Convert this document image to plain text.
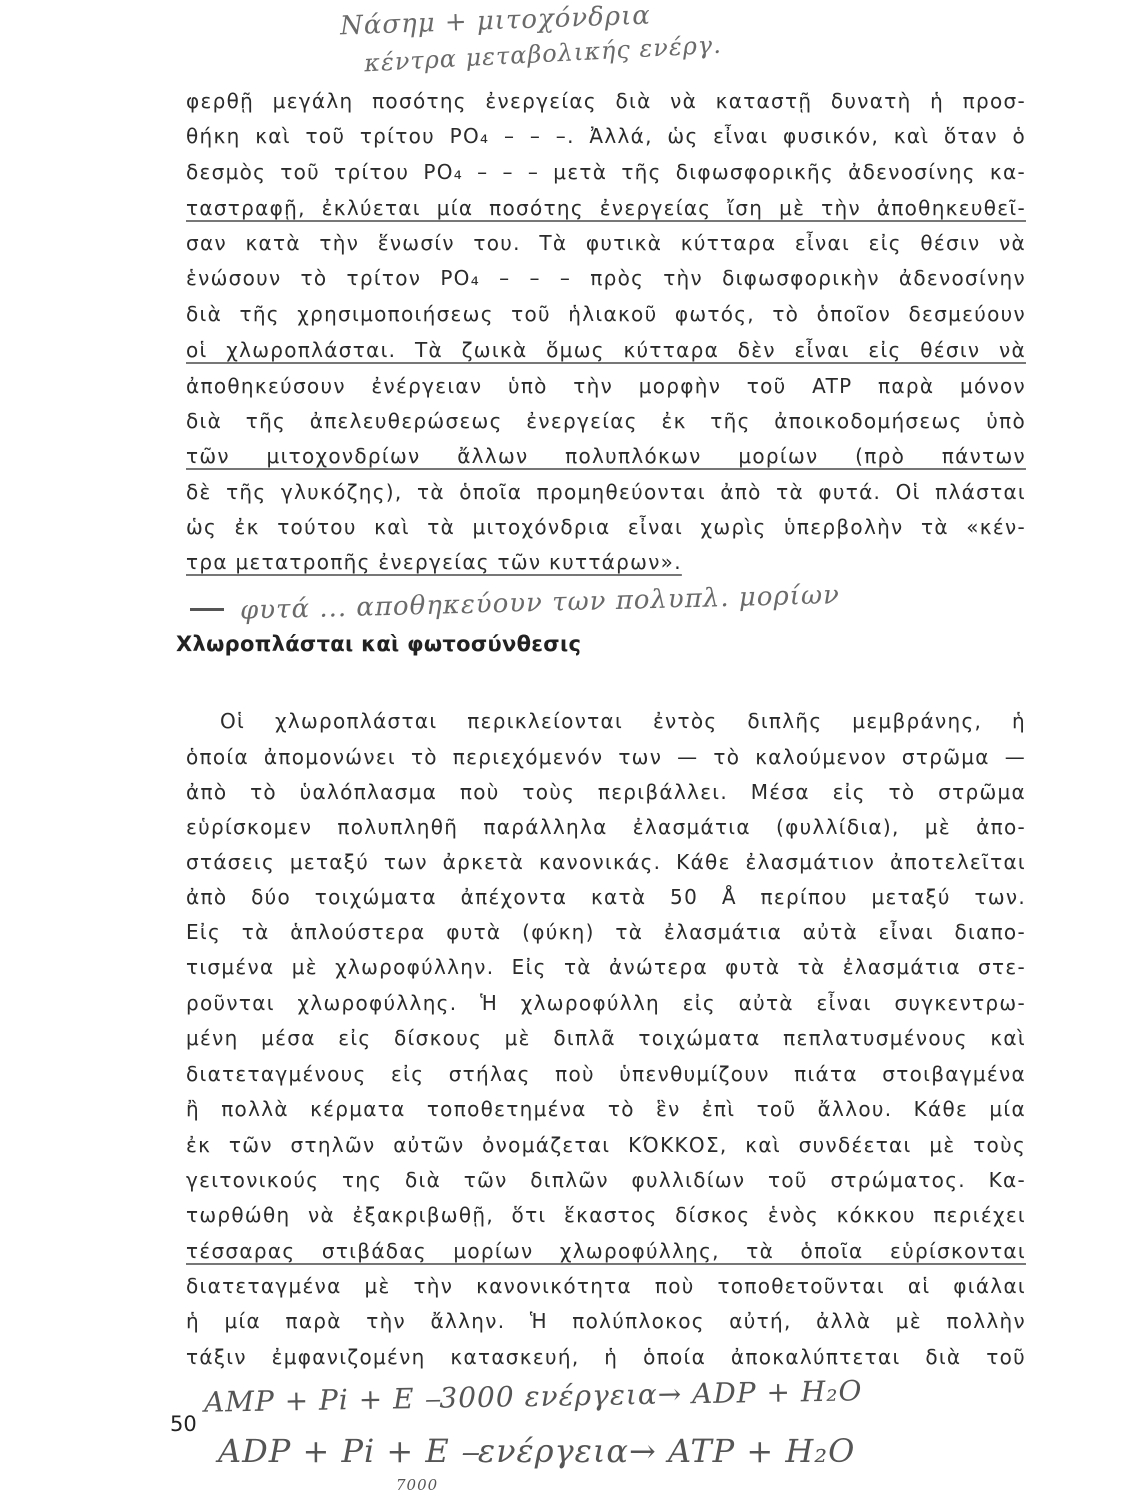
Νάσημ + μιτοχόνδρια
κέντρα μεταβολικής ενέργ.
φερθῇ μεγάλη ποσότης ἐνεργείας διὰ νὰ καταστῇ δυνατὴ ἡ προσ-
θήκη καὶ τοῦ τρίτου PO₄ – – –. Ἀλλά, ὡς εἶναι φυσικόν, καὶ ὅταν ὁ
δεσμὸς τοῦ τρίτου PO₄ – – – μετὰ τῆς διφωσφορικῆς ἀδενοσίνης κα-
ταστραφῇ, ἐκλύεται μία ποσότης ἐνεργείας ἴση μὲ τὴν ἀποθηκευθεῖ-
σαν κατὰ τὴν ἕνωσίν του. Τὰ φυτικὰ κύτταρα εἶναι εἰς θέσιν νὰ
ἑνώσουν τὸ τρίτον PO₄ – – – πρὸς τὴν διφωσφορικὴν ἀδενοσίνην
διὰ τῆς χρησιμοποιήσεως τοῦ ἡλιακοῦ φωτός, τὸ ὁποῖον δεσμεύουν
οἱ χλωροπλάσται. Τὰ ζωικὰ ὅμως κύτταρα δὲν εἶναι εἰς θέσιν νὰ
ἀποθηκεύσουν ἐνέργειαν ὑπὸ τὴν μορφὴν τοῦ ATP παρὰ μόνον
διὰ τῆς ἀπελευθερώσεως ἐνεργείας ἐκ τῆς ἀποικοδομήσεως ὑπὸ
τῶν μιτοχονδρίων ἄλλων πολυπλόκων μορίων (πρὸ πάντων
δὲ τῆς γλυκόζης), τὰ ὁποῖα προμηθεύονται ἀπὸ τὰ φυτά. Οἱ πλάσται
ὡς ἐκ τούτου καὶ τὰ μιτοχόνδρια εἶναι χωρὶς ὑπερβολὴν τὰ «κέν-
τρα μετατροπῆς ἐνεργείας τῶν κυττάρων».
φυτά ... αποθηκεύουν των πολυπλ. μορίων
Χλωροπλάσται καὶ φωτοσύνθεσις
Οἱ χλωροπλάσται περικλείονται ἐντὸς διπλῆς μεμβράνης, ἡ
ὁποία ἀπομονώνει τὸ περιεχόμενόν των — τὸ καλούμενον στρῶμα —
ἀπὸ τὸ ὑαλόπλασμα ποὺ τοὺς περιβάλλει. Μέσα εἰς τὸ στρῶμα
εὑρίσκομεν πολυπληθῆ παράλληλα ἐλασμάτια (φυλλίδια), μὲ ἀπο-
στάσεις μεταξύ των ἀρκετὰ κανονικάς. Κάθε ἐλασμάτιον ἀποτελεῖται
ἀπὸ δύο τοιχώματα ἀπέχοντα κατὰ 50 Å περίπου μεταξύ των.
Εἰς τὰ ἁπλούστερα φυτὰ (φύκη) τὰ ἐλασμάτια αὐτὰ εἶναι διαπο-
τισμένα μὲ χλωροφύλλην. Εἰς τὰ ἀνώτερα φυτὰ τὰ ἐλασμάτια στε-
ροῦνται χλωροφύλλης. Ἡ χλωροφύλλη εἰς αὐτὰ εἶναι συγκεντρω-
μένη μέσα εἰς δίσκους μὲ διπλᾶ τοιχώματα πεπλατυσμένους καὶ
διατεταγμένους εἰς στήλας ποὺ ὑπενθυμίζουν πιάτα στοιβαγμένα
ἢ πολλὰ κέρματα τοποθετημένα τὸ ἓν ἐπὶ τοῦ ἄλλου. Κάθε μία
ἐκ τῶν στηλῶν αὐτῶν ὀνομάζεται ΚΌΚΚΟΣ, καὶ συνδέεται μὲ τοὺς
γειτονικούς της διὰ τῶν διπλῶν φυλλιδίων τοῦ στρώματος. Κα-
τωρθώθη νὰ ἐξακριβωθῇ, ὅτι ἕκαστος δίσκος ἑνὸς κόκκου περιέχει
τέσσαρας στιβάδας μορίων χλωροφύλλης, τὰ ὁποῖα εὑρίσκονται
διατεταγμένα μὲ τὴν κανονικότητα ποὺ τοποθετοῦνται αἱ φιάλαι
ἡ μία παρὰ τὴν ἄλλην. Ἡ πολύπλοκος αὐτή, ἀλλὰ μὲ πολλὴν
τάξιν ἐμφανιζομένη κατασκευή, ἡ ὁποία ἀποκαλύπτεται διὰ τοῦ
AMP + Pi + E ⎯3000 ενέργεια→ ADP + H₂O
ADP + Pi + E ⎯ενέργεια→ ATP + H₂O
7000
50
